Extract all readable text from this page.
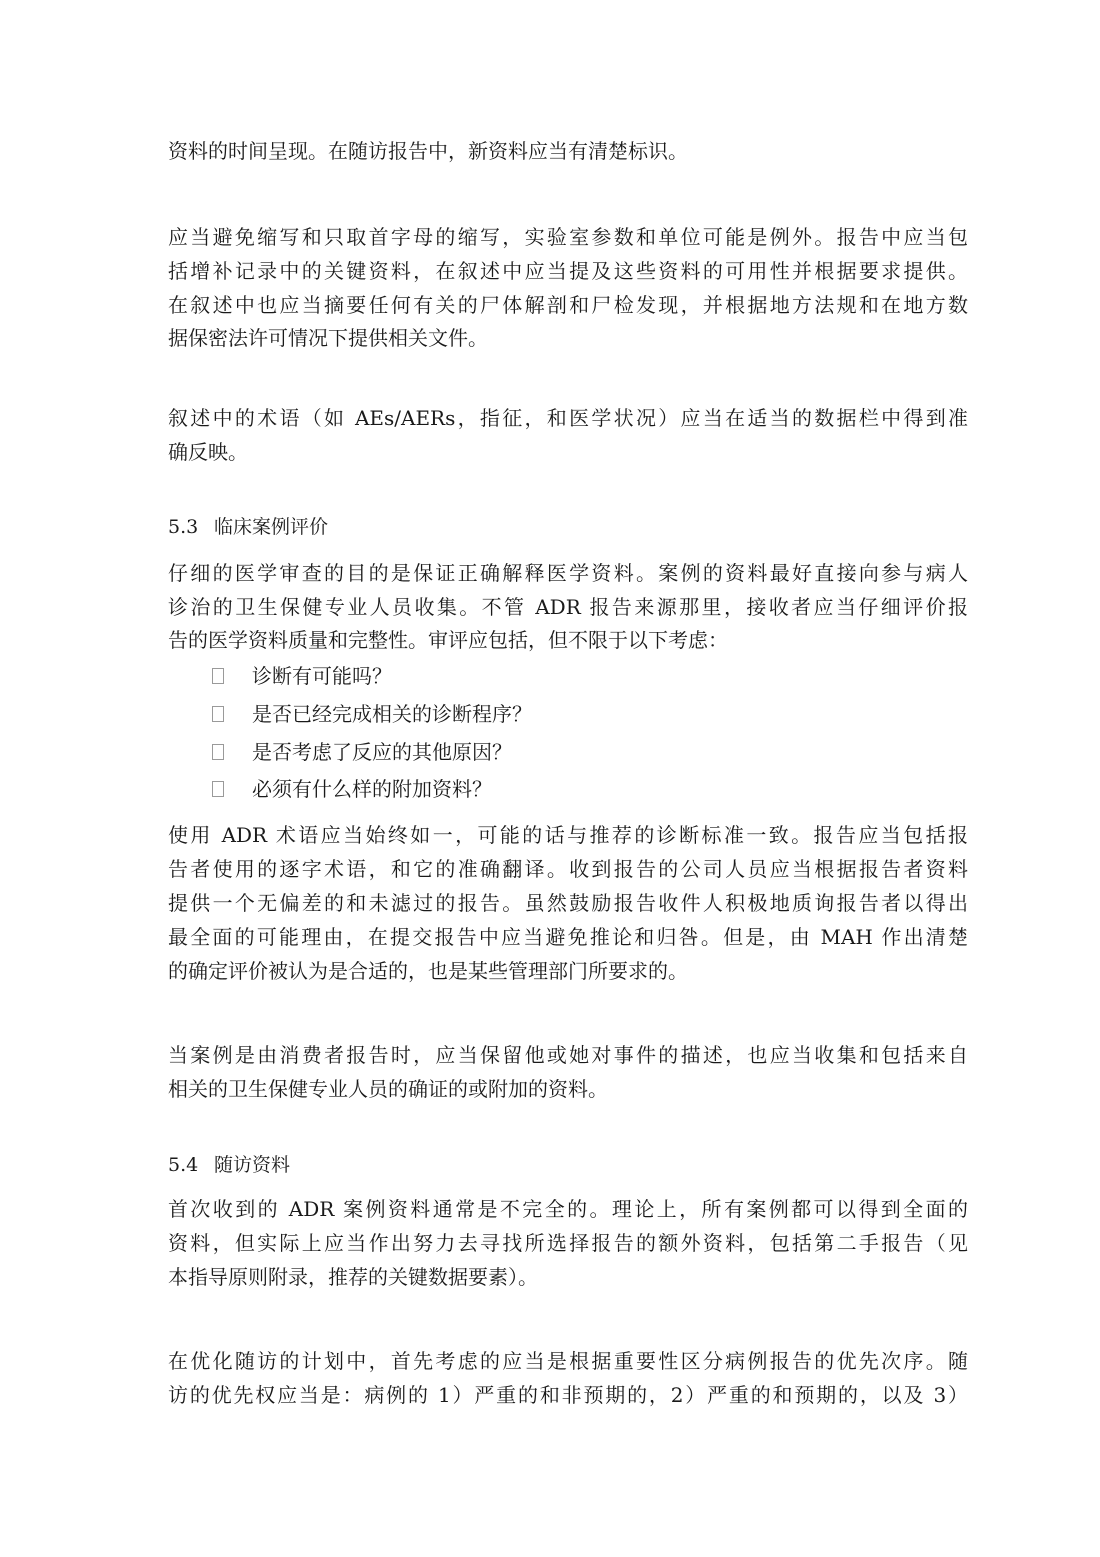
资料的时间呈现。在随访报告中，新资料应当有清楚标识。
应当避免缩写和只取首字母的缩写，实验室参数和单位可能是例外。报告中应当包
括增补记录中的关键资料，在叙述中应当提及这些资料的可用性并根据要求提供。
在叙述中也应当摘要任何有关的尸体解剖和尸检发现，并根据地方法规和在地方数
据保密法许可情况下提供相关文件。
叙述中的术语（如 AEs/AERs，指征，和医学状况）应当在适当的数据栏中得到准
确反映。
5.3 临床案例评价
仔细的医学审查的目的是保证正确解释医学资料。案例的资料最好直接向参与病人
诊治的卫生保健专业人员收集。不管 ADR 报告来源那里，接收者应当仔细评价报
告的医学资料质量和完整性。审评应包括，但不限于以下考虑：
诊断有可能吗？
是否已经完成相关的诊断程序？
是否考虑了反应的其他原因？
必须有什么样的附加资料？
使用 ADR 术语应当始终如一，可能的话与推荐的诊断标准一致。报告应当包括报
告者使用的逐字术语，和它的准确翻译。收到报告的公司人员应当根据报告者资料
提供一个无偏差的和未滤过的报告。虽然鼓励报告收件人积极地质询报告者以得出
最全面的可能理由，在提交报告中应当避免推论和归咎。但是，由 MAH 作出清楚
的确定评价被认为是合适的，也是某些管理部门所要求的。
当案例是由消费者报告时，应当保留他或她对事件的描述，也应当收集和包括来自
相关的卫生保健专业人员的确证的或附加的资料。
5.4 随访资料
首次收到的 ADR 案例资料通常是不完全的。理论上，所有案例都可以得到全面的
资料，但实际上应当作出努力去寻找所选择报告的额外资料，包括第二手报告（见
本指导原则附录，推荐的关键数据要素）。
在优化随访的计划中，首先考虑的应当是根据重要性区分病例报告的优先次序。随
访的优先权应当是：病例的 1）严重的和非预期的，2）严重的和预期的，以及 3）
